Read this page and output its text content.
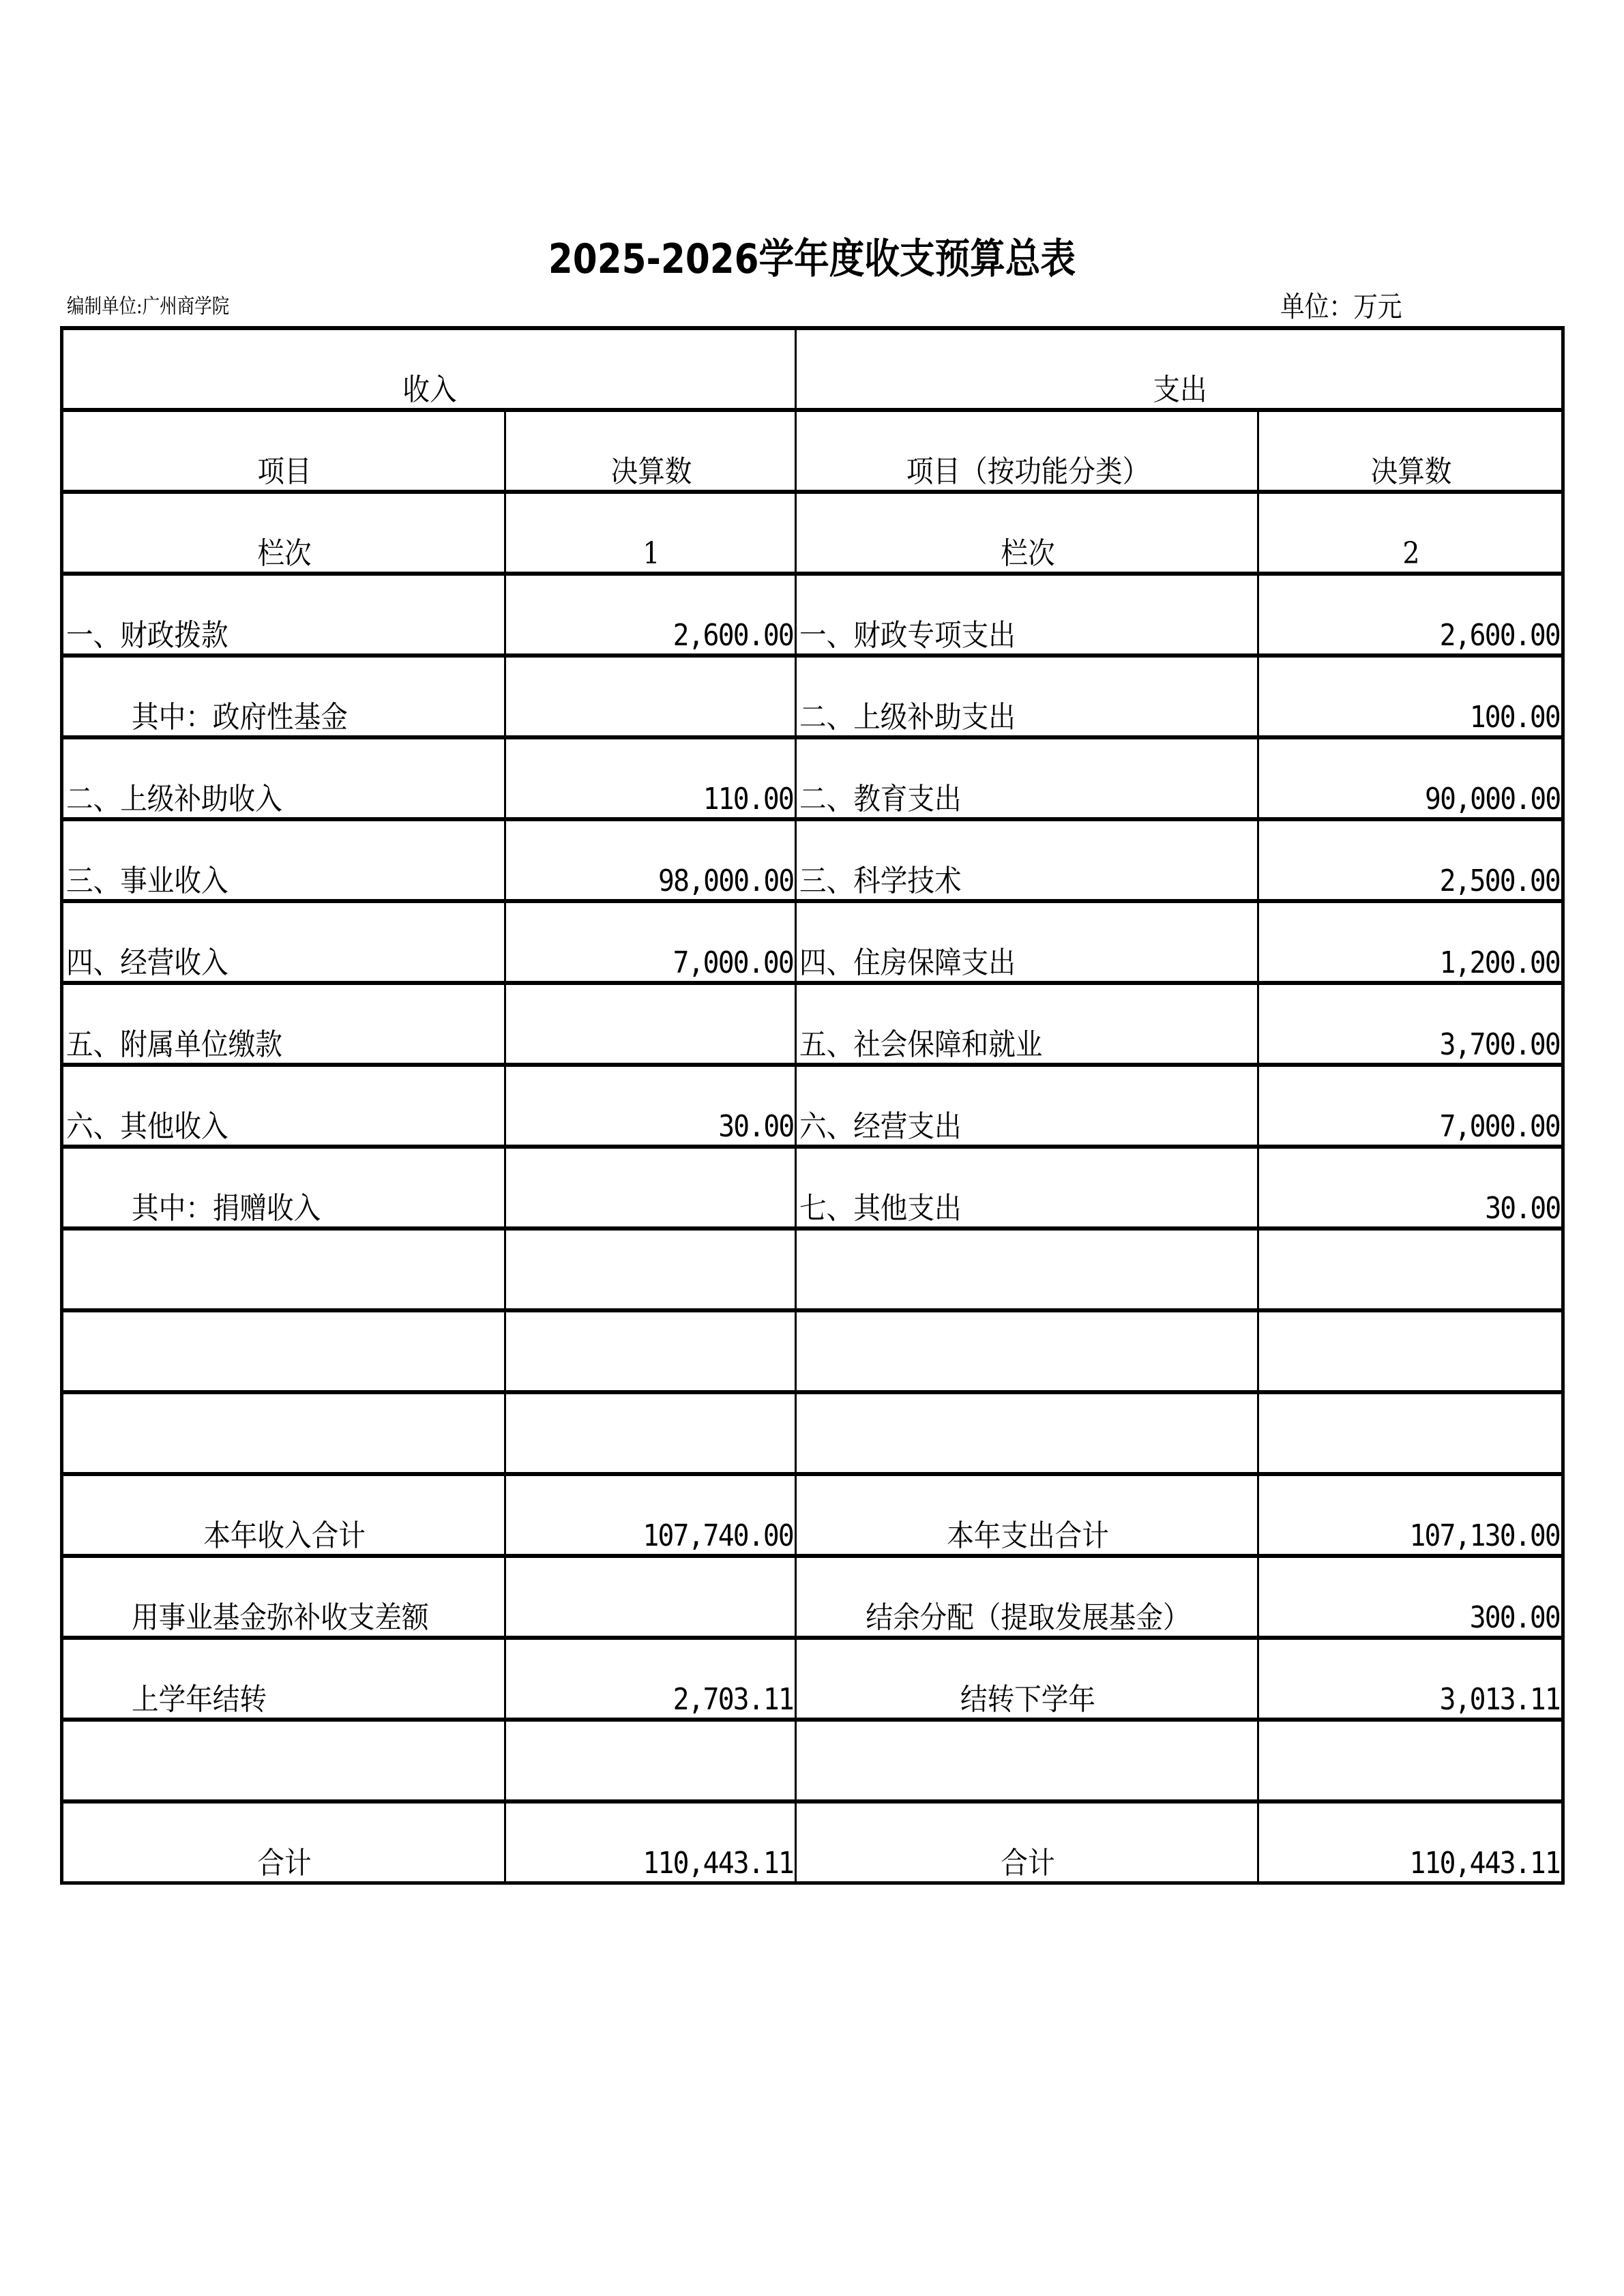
2025-2026学年度收支预算总表
编制单位:广州商学院	单位：万元
收入		支出	
项目	决算数	项目（按功能分类）	决算数
栏次	1	栏次	2
一、财政拨款	2,600.00	一、财政专项支出	2,600.00
其中：政府性基金		二、上级补助支出	100.00
二、上级补助收入	110.00	二、教育支出	90,000.00
三、事业收入	98,000.00	三、科学技术	2,500.00
四、经营收入	7,000.00	四、住房保障支出	1,200.00
五、附属单位缴款		五、社会保障和就业	3,700.00
六、其他收入	30.00	六、经营支出	7,000.00
其中：捐赠收入		七、其他支出	30.00

本年收入合计	107,740.00	本年支出合计	107,130.00
用事业基金弥补收支差额		结余分配（提取发展基金）	300.00
上学年结转	2,703.11	结转下学年	3,013.11

合计	110,443.11	合计	110,443.11
